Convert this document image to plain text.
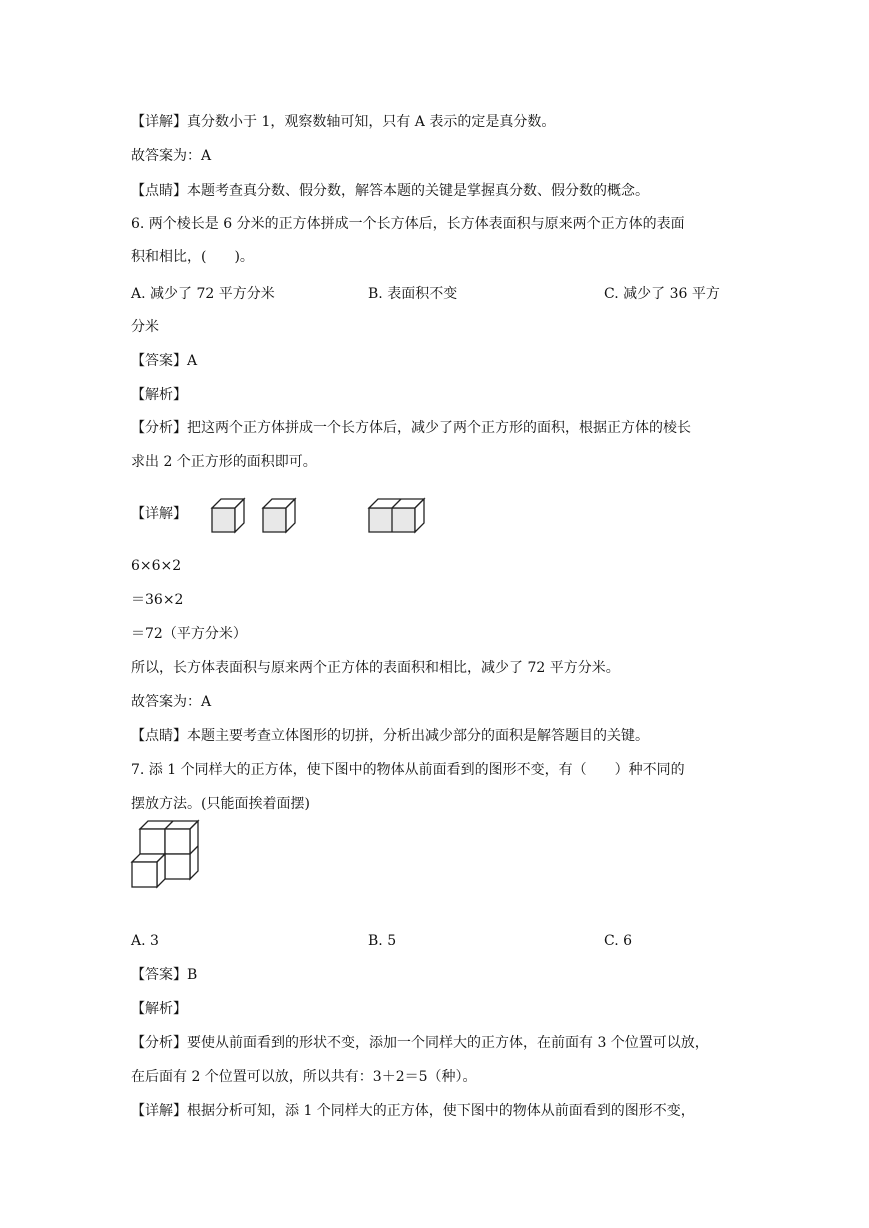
【详解】真分数小于 1，观察数轴可知，只有 A 表示的定是真分数。
故答案为：A
【点睛】本题考查真分数、假分数，解答本题的关键是掌握真分数、假分数的概念。
6. 两个棱长是 6 分米的正方体拼成一个长方体后，长方体表面积与原来两个正方体的表面
积和相比，(　　)。
A. 减少了 72 平方分米	B. 表面积不变	C. 减少了 36 平方
分米
【答案】A
【解析】
【分析】把这两个正方体拼成一个长方体后，减少了两个正方形的面积，根据正方体的棱长
求出 2 个正方形的面积即可。
【详解】
6×6×2
＝36×2
＝72（平方分米）
所以，长方体表面积与原来两个正方体的表面积和相比，减少了 72 平方分米。
故答案为：A
【点睛】本题主要考查立体图形的切拼，分析出减少部分的面积是解答题目的关键。
7. 添 1 个同样大的正方体，使下图中的物体从前面看到的图形不变，有（　　）种不同的
摆放方法。(只能面挨着面摆)
A. 3	B. 5	C. 6
【答案】B
【解析】
【分析】要使从前面看到的形状不变，添加一个同样大的正方体，在前面有 3 个位置可以放，
在后面有 2 个位置可以放，所以共有：3＋2＝5（种）。
【详解】根据分析可知，添 1 个同样大的正方体，使下图中的物体从前面看到的图形不变，
